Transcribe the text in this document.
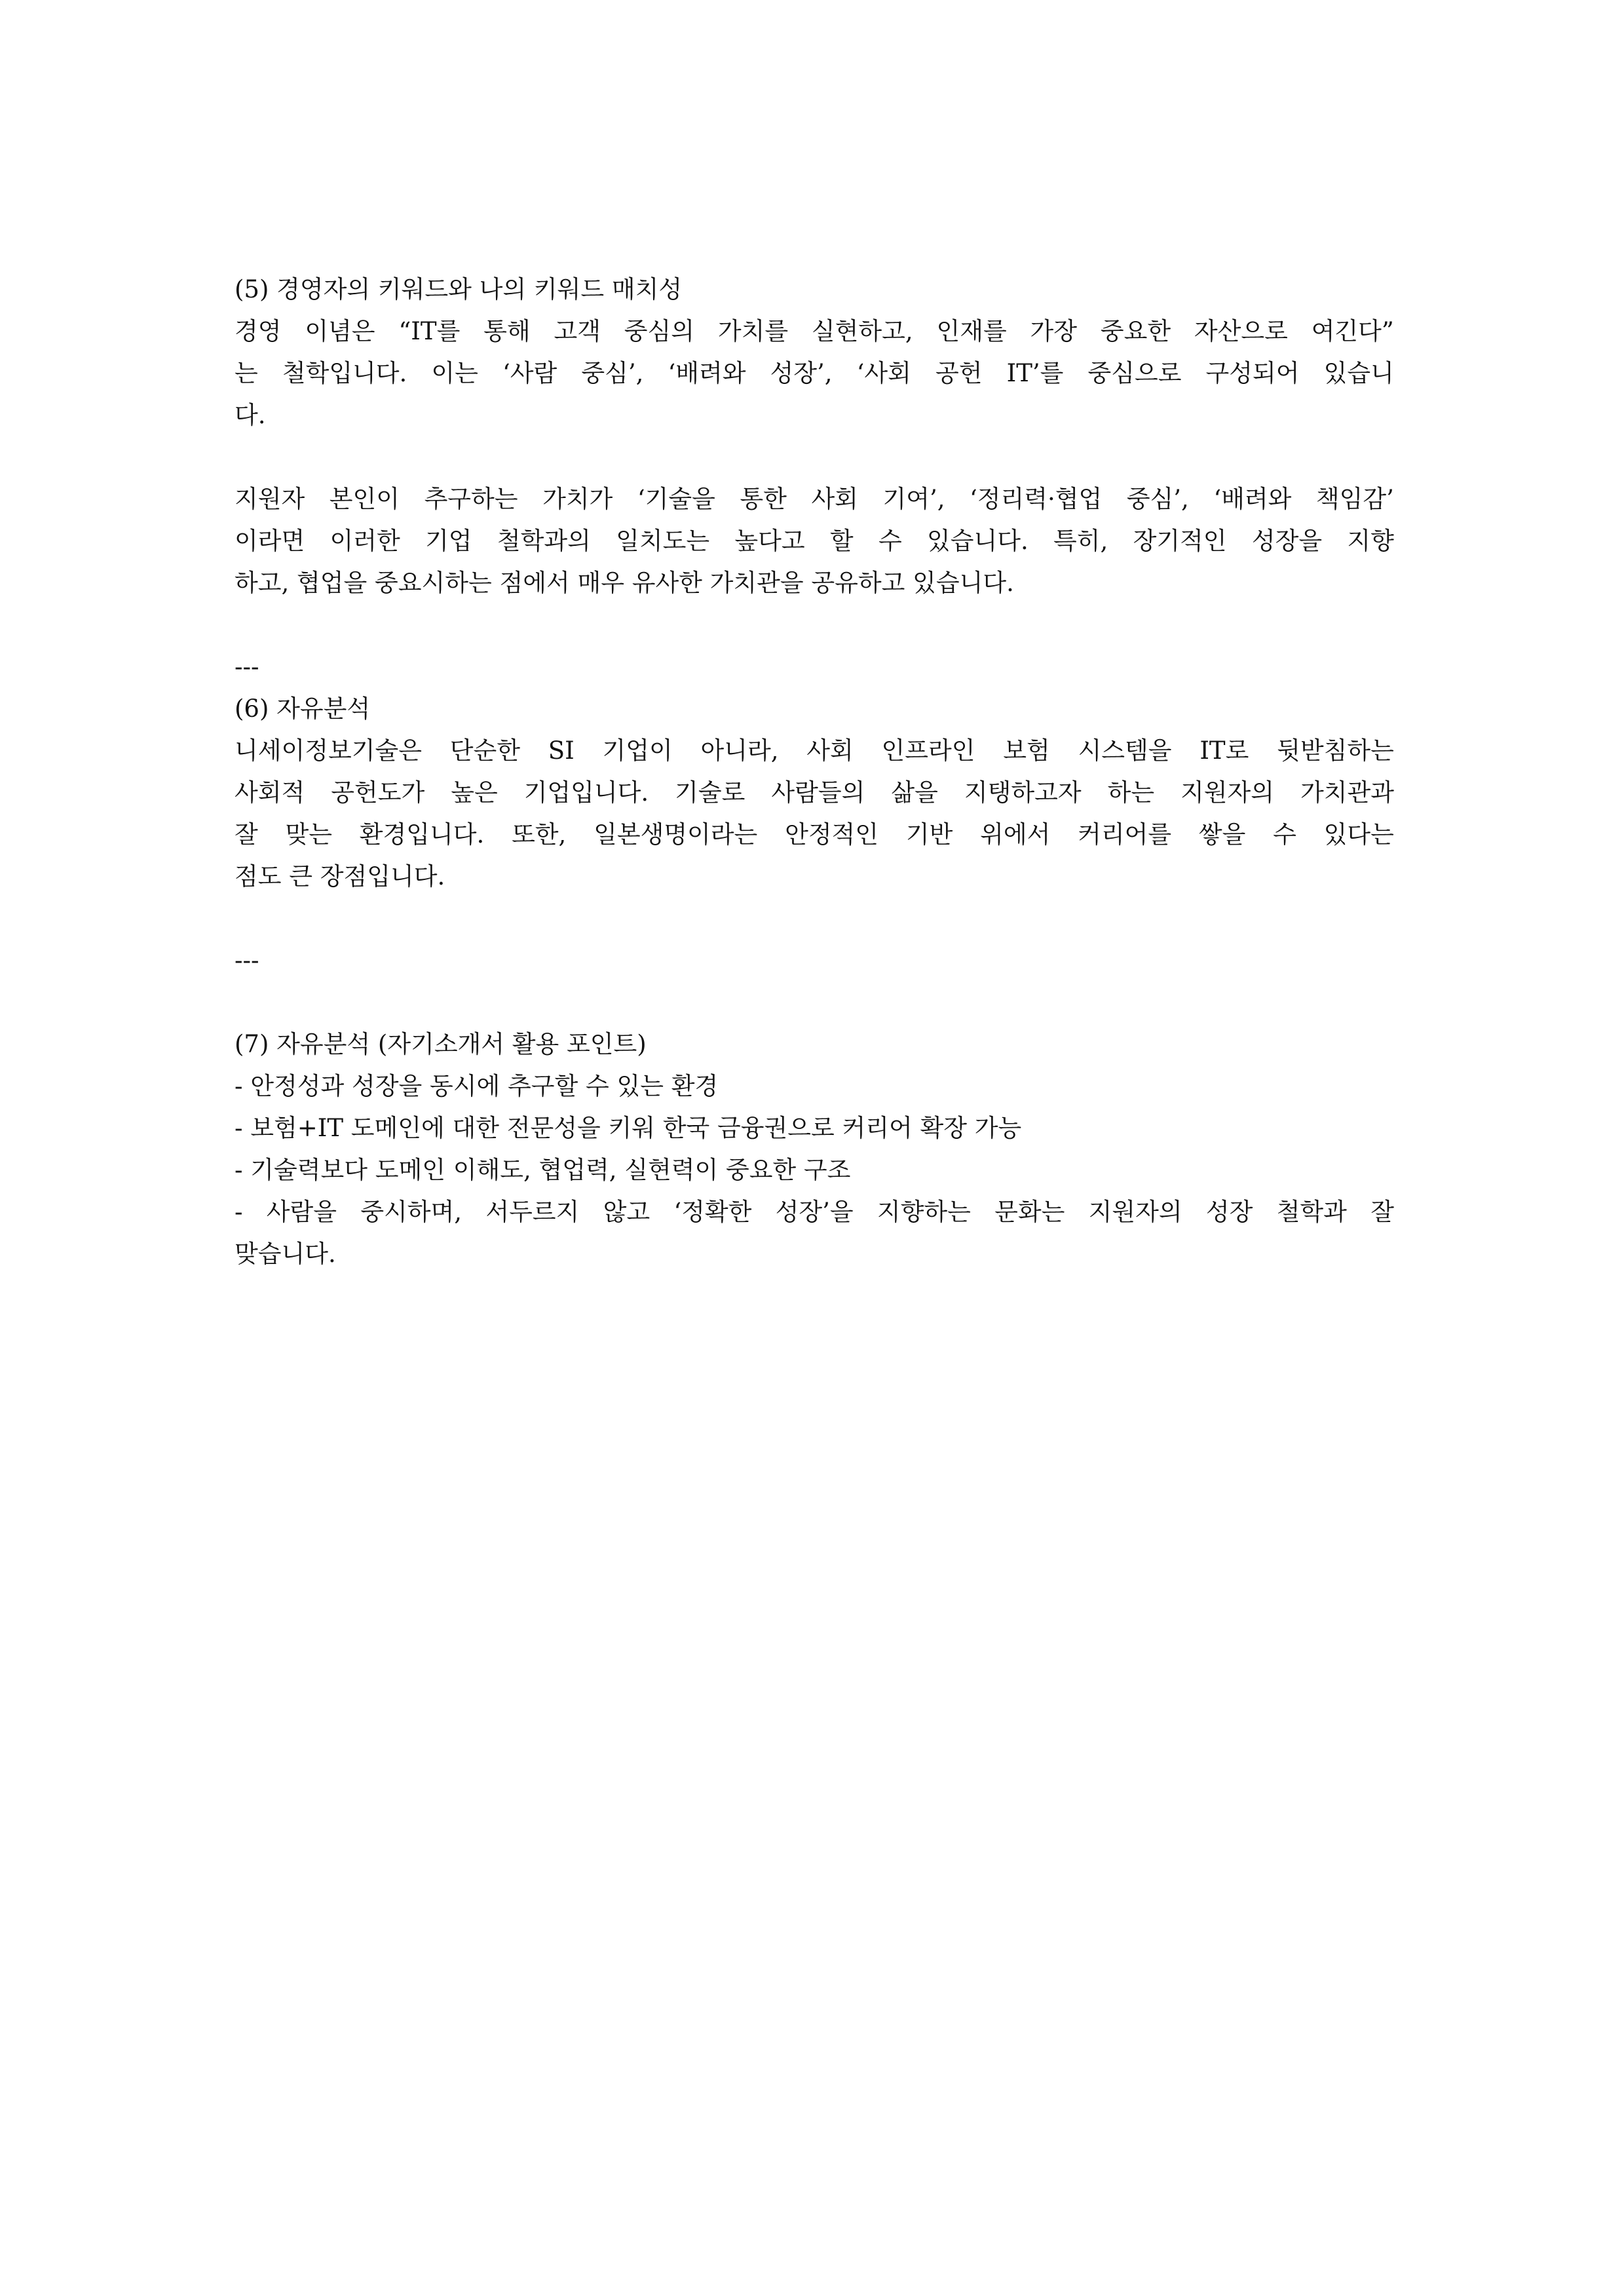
(5) 경영자의 키워드와 나의 키워드 매치성
경영 이념은 “IT를 통해 고객 중심의 가치를 실현하고, 인재를 가장 중요한 자산으로 여긴다”
는 철학입니다. 이는 ‘사람 중심’, ‘배려와 성장’, ‘사회 공헌 IT’를 중심으로 구성되어 있습니
다.
지원자 본인이 추구하는 가치가 ‘기술을 통한 사회 기여’, ‘정리력·협업 중심’, ‘배려와 책임감’
이라면 이러한 기업 철학과의 일치도는 높다고 할 수 있습니다. 특히, 장기적인 성장을 지향
하고, 협업을 중요시하는 점에서 매우 유사한 가치관을 공유하고 있습니다.
---
(6) 자유분석
니세이정보기술은 단순한 SI 기업이 아니라, 사회 인프라인 보험 시스템을 IT로 뒷받침하는
사회적 공헌도가 높은 기업입니다. 기술로 사람들의 삶을 지탱하고자 하는 지원자의 가치관과
잘 맞는 환경입니다. 또한, 일본생명이라는 안정적인 기반 위에서 커리어를 쌓을 수 있다는
점도 큰 장점입니다.
---
(7) 자유분석 (자기소개서 활용 포인트)
- 안정성과 성장을 동시에 추구할 수 있는 환경
- 보험+IT 도메인에 대한 전문성을 키워 한국 금융권으로 커리어 확장 가능
- 기술력보다 도메인 이해도, 협업력, 실현력이 중요한 구조
- 사람을 중시하며, 서두르지 않고 ‘정확한 성장’을 지향하는 문화는 지원자의 성장 철학과 잘
맞습니다.
